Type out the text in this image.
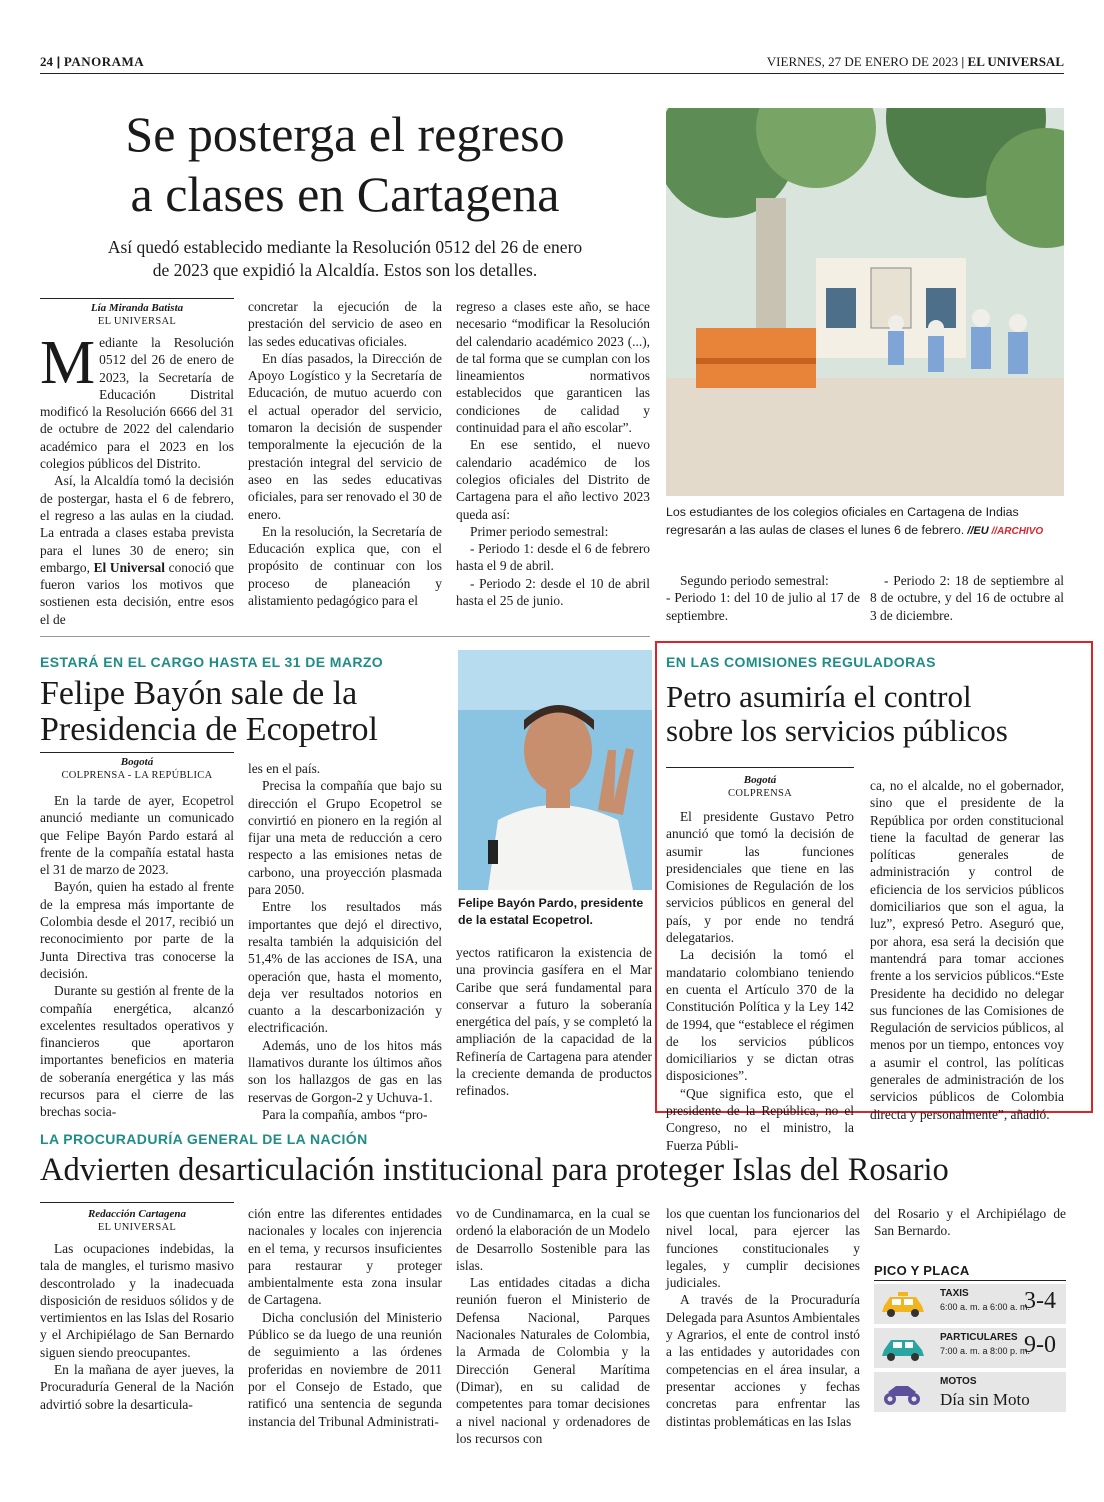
24 | PANORAMA	VIERNES, 27 DE ENERO DE 2023 | EL UNIVERSAL
Se posterga el regreso
a clases en Cartagena
Así quedó establecido mediante la Resolución 0512 del 26 de enero
de 2023 que expidió la Alcaldía. Estos son los detalles.
Lía Miranda Batista
EL UNIVERSAL

Mediante la Resolución 0512 del 26 de enero de 2023, la Secretaría de Educación Distrital modificó la Resolución 6666 del 31 de octubre de 2022 del calendario académico para el 2023 en los colegios públicos del Distrito.

Así, la Alcaldía tomó la decisión de postergar, hasta el 6 de febrero, el regreso a las aulas en la ciudad. La entrada a clases estaba prevista para el lunes 30 de enero; sin embargo, El Universal conoció que fueron varios los motivos que sostienen esta decisión, entre esos el de

concretar la ejecución de la prestación del servicio de aseo en las sedes educativas oficiales.

En días pasados, la Dirección de Apoyo Logístico y la Secretaría de Educación, de mutuo acuerdo con el actual operador del servicio, tomaron la decisión de suspender temporalmente la ejecución de la prestación integral del servicio de aseo en las sedes educativas oficiales, para ser renovado el 30 de enero.

En la resolución, la Secretaría de Educación explica que, con el propósito de continuar con los proceso de planeación y alistamiento pedagógico para el

regreso a clases este año, se hace necesario “modificar la Resolución del calendario académico 2023 (...), de tal forma que se cumplan con los lineamientos normativos establecidos que garanticen las condiciones de calidad y continuidad para el año escolar”.

En ese sentido, el nuevo calendario académico de los colegios oficiales del Distrito de Cartagena para el año lectivo 2023 queda así:

Primer periodo semestral:

- Periodo 1: desde el 6 de febrero hasta el 9 de abril.

- Periodo 2: desde el 10 de abril hasta el 25 de junio.

Los estudiantes de los colegios oficiales en Cartagena de Indias regresarán a las aulas de clases el lunes 6 de febrero. //EU //ARCHIVO

Segundo periodo semestral:

- Periodo 1: del 10 de julio al 17 de septiembre.

- Periodo 2: 18 de septiembre al 8 de octubre, y del 16 de octubre al 3 de diciembre.

ESTARÁ EN EL CARGO HASTA EL 31 DE MARZO
Felipe Bayón sale de la
Presidencia de Ecopetrol
Bogotá
COLPRENSA - LA REPÚBLICA

En la tarde de ayer, Ecopetrol anunció mediante un comunicado que Felipe Bayón Pardo estará al frente de la compañía estatal hasta el 31 de marzo de 2023.

Bayón, quien ha estado al frente de la empresa más importante de Colombia desde el 2017, recibió un reconocimiento por parte de la Junta Directiva tras conocerse la decisión.

Durante su gestión al frente de la compañía energética, alcanzó excelentes resultados operativos y financieros que aportaron importantes beneficios en materia de soberanía energética y las más recursos para el cierre de las brechas socia-

les en el país.

Precisa la compañía que bajo su dirección el Grupo Ecopetrol se convirtió en pionero en la región al fijar una meta de reducción a cero respecto a las emisiones netas de carbono, una proyección plasmada para 2050.

Entre los resultados más importantes que dejó el directivo, resalta también la adquisición del 51,4% de las acciones de ISA, una operación que, hasta el momento, deja ver resultados notorios en cuanto a la descarbonización y electrificación.

Además, uno de los hitos más llamativos durante los últimos años son los hallazgos de gas en las reservas de Gorgon-2 y Uchuva-1.

Para la compañía, ambos “pro-

Felipe Bayón Pardo, presidente de la estatal Ecopetrol.

yectos ratificaron la existencia de una provincia gasífera en el Mar Caribe que será fundamental para conservar a futuro la soberanía energética del país, y se completó la ampliación de la capacidad de la Refinería de Cartagena para atender la creciente demanda de productos refinados.

EN LAS COMISIONES REGULADORAS
Petro asumiría el control
sobre los servicios públicos
Bogotá
COLPRENSA

El presidente Gustavo Petro anunció que tomó la decisión de asumir las funciones presidenciales que tiene en las Comisiones de Regulación de los servicios públicos en general del país, y por ende no tendrá delegatarios.

La decisión la tomó el mandatario colombiano teniendo en cuenta el Artículo 370 de la Constitución Política y la Ley 142 de 1994, que “establece el régimen de los servicios públicos domiciliarios y se dictan otras disposiciones”.

“Que significa esto, que el presidente de la República, no el Congreso, no el ministro, la Fuerza Públi-

ca, no el alcalde, no el gobernador, sino que el presidente de la República por orden constitucional tiene la facultad de generar las políticas generales de administración y control de eficiencia de los servicios públicos domiciliarios que son el agua, la luz”, expresó Petro. Aseguró que, por ahora, esa será la decisión que mantendrá para tomar acciones frente a los servicios públicos.“Este Presidente ha decidido no delegar sus funciones de las Comisiones de Regulación de servicios públicos, al menos por un tiempo, entonces voy a asumir el control, las políticas generales de administración de los servicios públicos de Colombia directa y personalmente”, añadió.

LA PROCURADURÍA GENERAL DE LA NACIÓN
Advierten desarticulación institucional para proteger Islas del Rosario
Redacción Cartagena
EL UNIVERSAL

Las ocupaciones indebidas, la tala de mangles, el turismo masivo descontrolado y la inadecuada disposición de residuos sólidos y de vertimientos en las Islas del Rosario y el Archipiélago de San Bernardo siguen siendo preocupantes.

En la mañana de ayer jueves, la Procuraduría General de la Nación advirtió sobre la desarticula-

ción entre las diferentes entidades nacionales y locales con injerencia en el tema, y recursos insuficientes para restaurar y proteger ambientalmente esta zona insular de Cartagena.

Dicha conclusión del Ministerio Público se da luego de una reunión de seguimiento a las órdenes proferidas en noviembre de 2011 por el Consejo de Estado, que ratificó una sentencia de segunda instancia del Tribunal Administrati-

vo de Cundinamarca, en la cual se ordenó la elaboración de un Modelo de Desarrollo Sostenible para las islas.

Las entidades citadas a dicha reunión fueron el Ministerio de Defensa Nacional, Parques Nacionales Naturales de Colombia, la Armada de Colombia y la Dirección General Marítima (Dimar), en su calidad de competentes para tomar decisiones a nivel nacional y ordenadores de los recursos con

los que cuentan los funcionarios del nivel local, para ejercer las funciones constitucionales y legales, y cumplir decisiones judiciales.

A través de la Procuraduría Delegada para Asuntos Ambientales y Agrarios, el ente de control instó a las entidades y autoridades con competencias en el área insular, a presentar acciones y fechas concretas para enfrentar las distintas problemáticas en las Islas

del Rosario y el Archipiélago de San Bernardo.

PICO Y PLACA
TAXIS
6:00 a. m. a 6:00 a. m.
3-4
PARTICULARES
7:00 a. m. a 8:00 p. m.
9-0
MOTOS
Día sin Moto
